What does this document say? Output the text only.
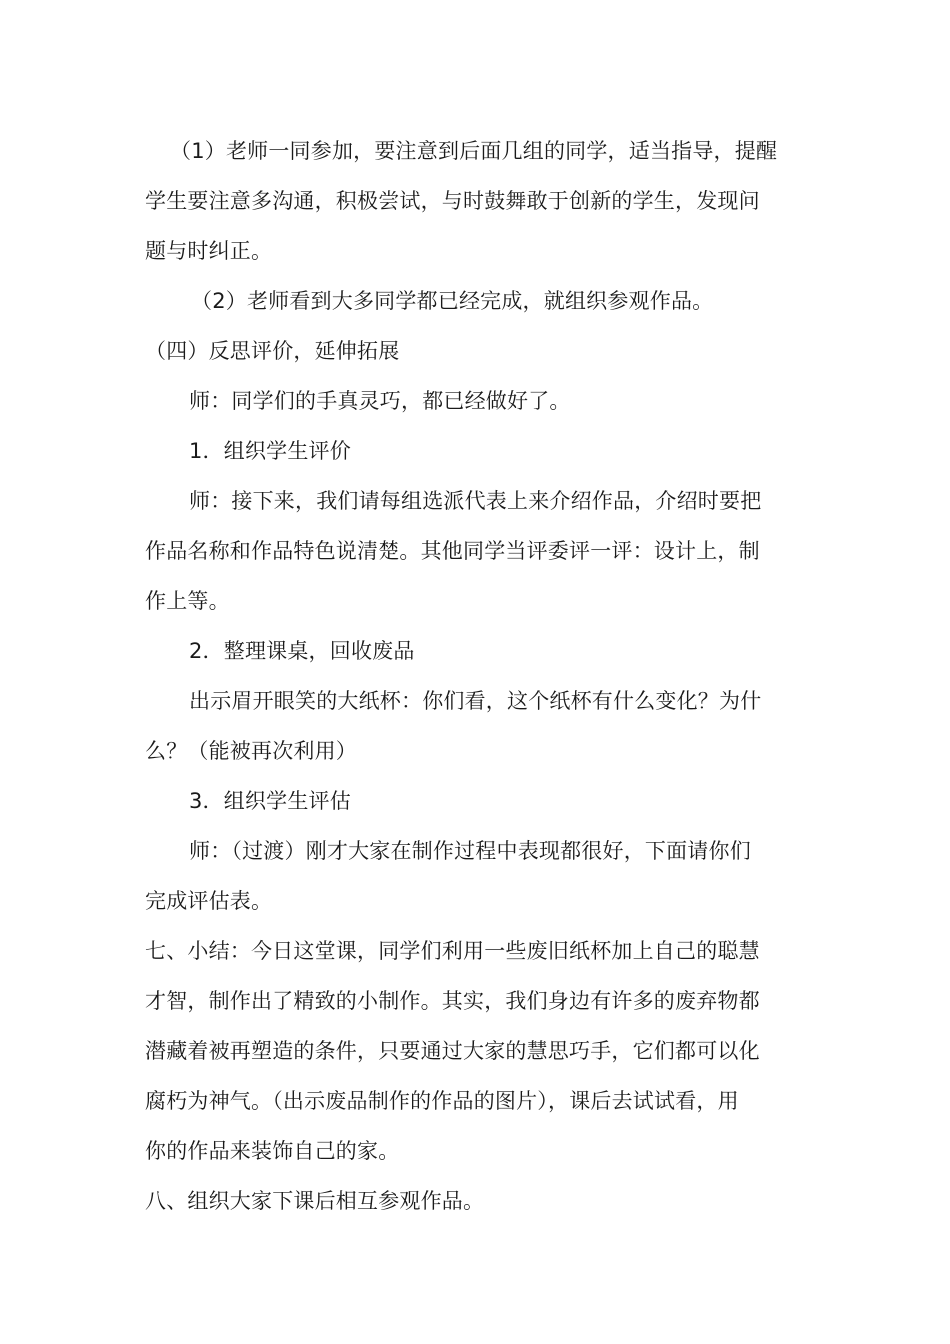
（1）老师一同参加，要注意到后面几组的同学，适当指导，提醒
学生要注意多沟通，积极尝试，与时鼓舞敢于创新的学生，发现问
题与时纠正。
（2）老师看到大多同学都已经完成，就组织参观作品。
（四）反思评价，延伸拓展
师：同学们的手真灵巧，都已经做好了。
1．组织学生评价
师：接下来，我们请每组选派代表上来介绍作品，介绍时要把
作品名称和作品特色说清楚。其他同学当评委评一评：设计上，制
作上等。
2．整理课桌，回收废品
出示眉开眼笑的大纸杯：你们看，这个纸杯有什么变化？为什
么？（能被再次利用）
3．组织学生评估
师：（过渡）刚才大家在制作过程中表现都很好，下面请你们
完成评估表。
七、小结：今日这堂课，同学们利用一些废旧纸杯加上自己的聪慧
才智，制作出了精致的小制作。其实，我们身边有许多的废弃物都
潜藏着被再塑造的条件，只要通过大家的慧思巧手，它们都可以化
腐朽为神气。（出示废品制作的作品的图片），课后去试试看，用
你的作品来装饰自己的家。
八、组织大家下课后相互参观作品。
